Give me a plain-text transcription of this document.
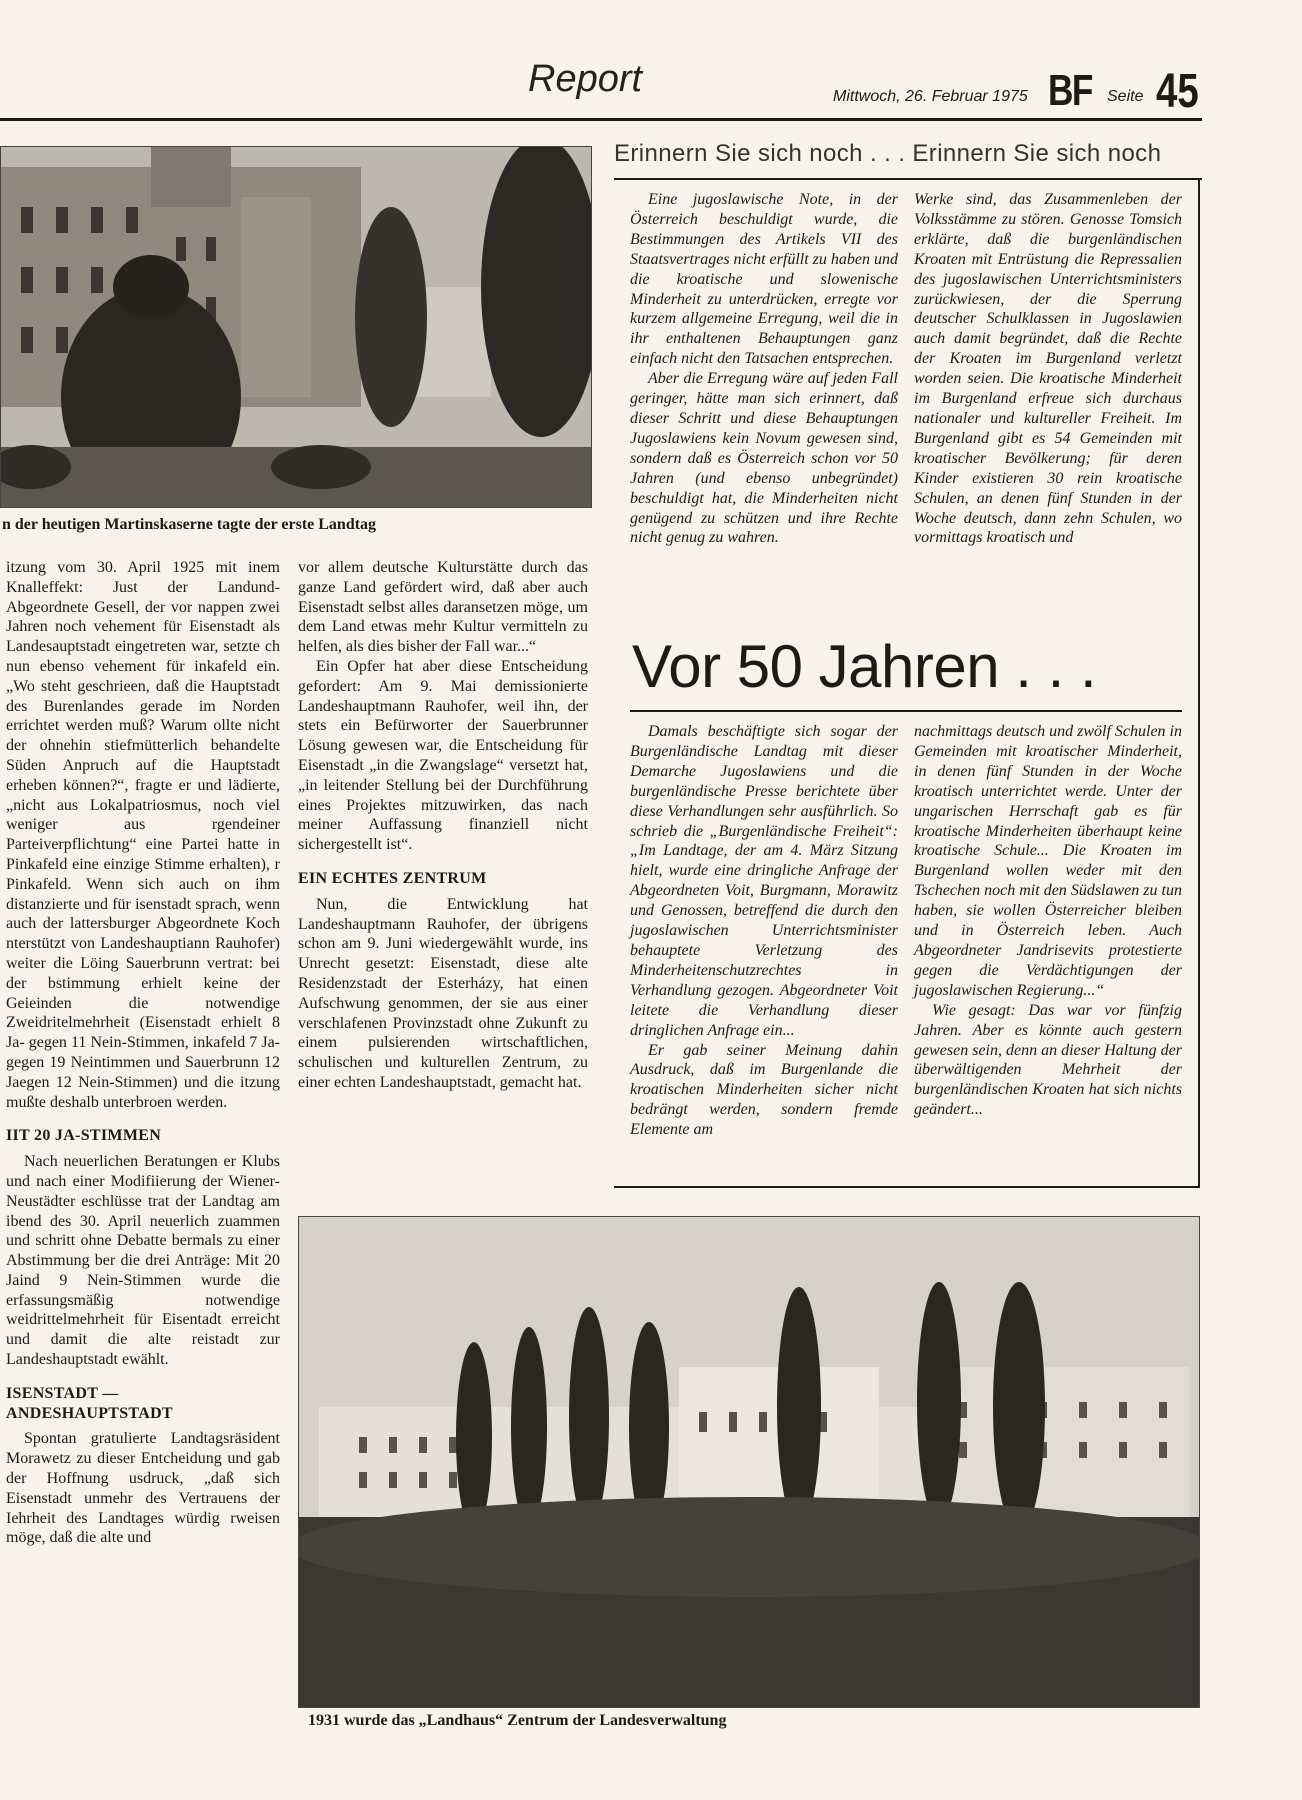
Report	Mittwoch, 26. Februar 1975 BF Seite 45
n der heutigen Martinskaserne tagte der erste Landtag

itzung vom 30. April 1925 mit inem Knalleffekt: Just der Landund-Abgeordnete Gesell, der vor nappen zwei Jahren noch vehement für Eisenstadt als Landesauptstadt eingetreten war, setzte ch nun ebenso vehement für inkafeld ein. „Wo steht geschrieen, daß die Hauptstadt des Burenlandes gerade im Norden errichtet werden muß? Warum ollte nicht der ohnehin stiefmütterlich behandelte Süden Anpruch auf die Hauptstadt erheben können?“, fragte er und lädierte, „nicht aus Lokalpatriosmus, noch viel weniger aus rgendeiner Parteiverpflichtung“ eine Partei hatte in Pinkafeld eine einzige Stimme erhalten), r Pinkafeld. Wenn sich auch on ihm distanzierte und für isenstadt sprach, wenn auch der lattersburger Abgeordnete Koch nterstützt von Landeshauptiann Rauhofer) weiter die Löing Sauerbrunn vertrat: bei der bstimmung erhielt keine der Geieinden die notwendige Zweidritelmehrheit (Eisenstadt erhielt 8 Ja- gegen 11 Nein-Stimmen, inkafeld 7 Ja- gegen 19 Neintimmen und Sauerbrunn 12 Jaegen 12 Nein-Stimmen) und die itzung mußte deshalb unterbroen werden.

IIT 20 JA-STIMMEN

Nach neuerlichen Beratungen er Klubs und nach einer Modifiierung der Wiener-Neustädter eschlüsse trat der Landtag am ibend des 30. April neuerlich zuammen und schritt ohne Debatte bermals zu einer Abstimmung ber die drei Anträge: Mit 20 Jaind 9 Nein-Stimmen wurde die erfassungsmäßig notwendige weidrittelmehrheit für Eisentadt erreicht und damit die alte reistadt zur Landeshauptstadt ewählt.

ISENSTADT —
ANDESHAUPTSTADT

Spontan gratulierte Landtagsräsident Morawetz zu dieser Entcheidung und gab der Hoffnung usdruck, „daß sich Eisenstadt unmehr des Vertrauens der Iehrheit des Landtages würdig rweisen möge, daß die alte und

vor allem deutsche Kulturstätte durch das ganze Land gefördert wird, daß aber auch Eisenstadt selbst alles daransetzen möge, um dem Land etwas mehr Kultur vermitteln zu helfen, als dies bisher der Fall war...“

Ein Opfer hat aber diese Entscheidung gefordert: Am 9. Mai demissionierte Landeshauptmann Rauhofer, weil ihn, der stets ein Befürworter der Sauerbrunner Lösung gewesen war, die Entscheidung für Eisenstadt „in die Zwangslage“ versetzt hat, „in leitender Stellung bei der Durchführung eines Projektes mitzuwirken, das nach meiner Auffassung finanziell nicht sichergestellt ist“.

EIN ECHTES ZENTRUM

Nun, die Entwicklung hat Landeshauptmann Rauhofer, der übrigens schon am 9. Juni wiedergewählt wurde, ins Unrecht gesetzt: Eisenstadt, diese alte Residenzstadt der Esterházy, hat einen Aufschwung genommen, der sie aus einer verschlafenen Provinzstadt ohne Zukunft zu einem pulsierenden wirtschaftlichen, schulischen und kulturellen Zentrum, zu einer echten Landeshauptstadt, gemacht hat.

Erinnern Sie sich noch . . . Erinnern Sie sich noch

Eine jugoslawische Note, in der Österreich beschuldigt wurde, die Bestimmungen des Artikels VII des Staatsvertrages nicht erfüllt zu haben und die kroatische und slowenische Minderheit zu unterdrücken, erregte vor kurzem allgemeine Erregung, weil die in ihr enthaltenen Behauptungen ganz einfach nicht den Tatsachen entsprechen.

Aber die Erregung wäre auf jeden Fall geringer, hätte man sich erinnert, daß dieser Schritt und diese Behauptungen Jugoslawiens kein Novum gewesen sind, sondern daß es Österreich schon vor 50 Jahren (und ebenso unbegründet) beschuldigt hat, die Minderheiten nicht genügend zu schützen und ihre Rechte nicht genug zu wahren.

Werke sind, das Zusammenleben der Volksstämme zu stören. Genosse Tomsich erklärte, daß die burgenländischen Kroaten mit Entrüstung die Repressalien des jugoslawischen Unterrichtsministers zurückwiesen, der die Sperrung deutscher Schulklassen in Jugoslawien auch damit begründet, daß die Rechte der Kroaten im Burgenland verletzt worden seien. Die kroatische Minderheit im Burgenland erfreue sich durchaus nationaler und kultureller Freiheit. Im Burgenland gibt es 54 Gemeinden mit kroatischer Bevölkerung; für deren Kinder existieren 30 rein kroatische Schulen, an denen fünf Stunden in der Woche deutsch, dann zehn Schulen, wo vormittags kroatisch und

Vor 50 Jahren . . .

Damals beschäftigte sich sogar der Burgenländische Landtag mit dieser Demarche Jugoslawiens und die burgenländische Presse berichtete über diese Verhandlungen sehr ausführlich. So schrieb die „Burgenländische Freiheit“: „Im Landtage, der am 4. März Sitzung hielt, wurde eine dringliche Anfrage der Abgeordneten Voit, Burgmann, Morawitz und Genossen, betreffend die durch den jugoslawischen Unterrichtsminister behauptete Verletzung des Minderheitenschutzrechtes in Verhandlung gezogen. Abgeordneter Voit leitete die Verhandlung dieser dringlichen Anfrage ein...

Er gab seiner Meinung dahin Ausdruck, daß im Burgenlande die kroatischen Minderheiten sicher nicht bedrängt werden, sondern fremde Elemente am

nachmittags deutsch und zwölf Schulen in Gemeinden mit kroatischer Minderheit, in denen fünf Stunden in der Woche kroatisch unterrichtet werde. Unter der ungarischen Herrschaft gab es für kroatische Minderheiten überhaupt keine kroatische Schule... Die Kroaten im Burgenland wollen weder mit den Tschechen noch mit den Südslawen zu tun haben, sie wollen Österreicher bleiben und in Österreich leben. Auch Abgeordneter Jandrisevits protestierte gegen die Verdächtigungen der jugoslawischen Regierung...“

Wie gesagt: Das war vor fünfzig Jahren. Aber es könnte auch gestern gewesen sein, denn an dieser Haltung der überwältigenden Mehrheit der burgenländischen Kroaten hat sich nichts geändert...

1931 wurde das „Landhaus“ Zentrum der Landesverwaltung
